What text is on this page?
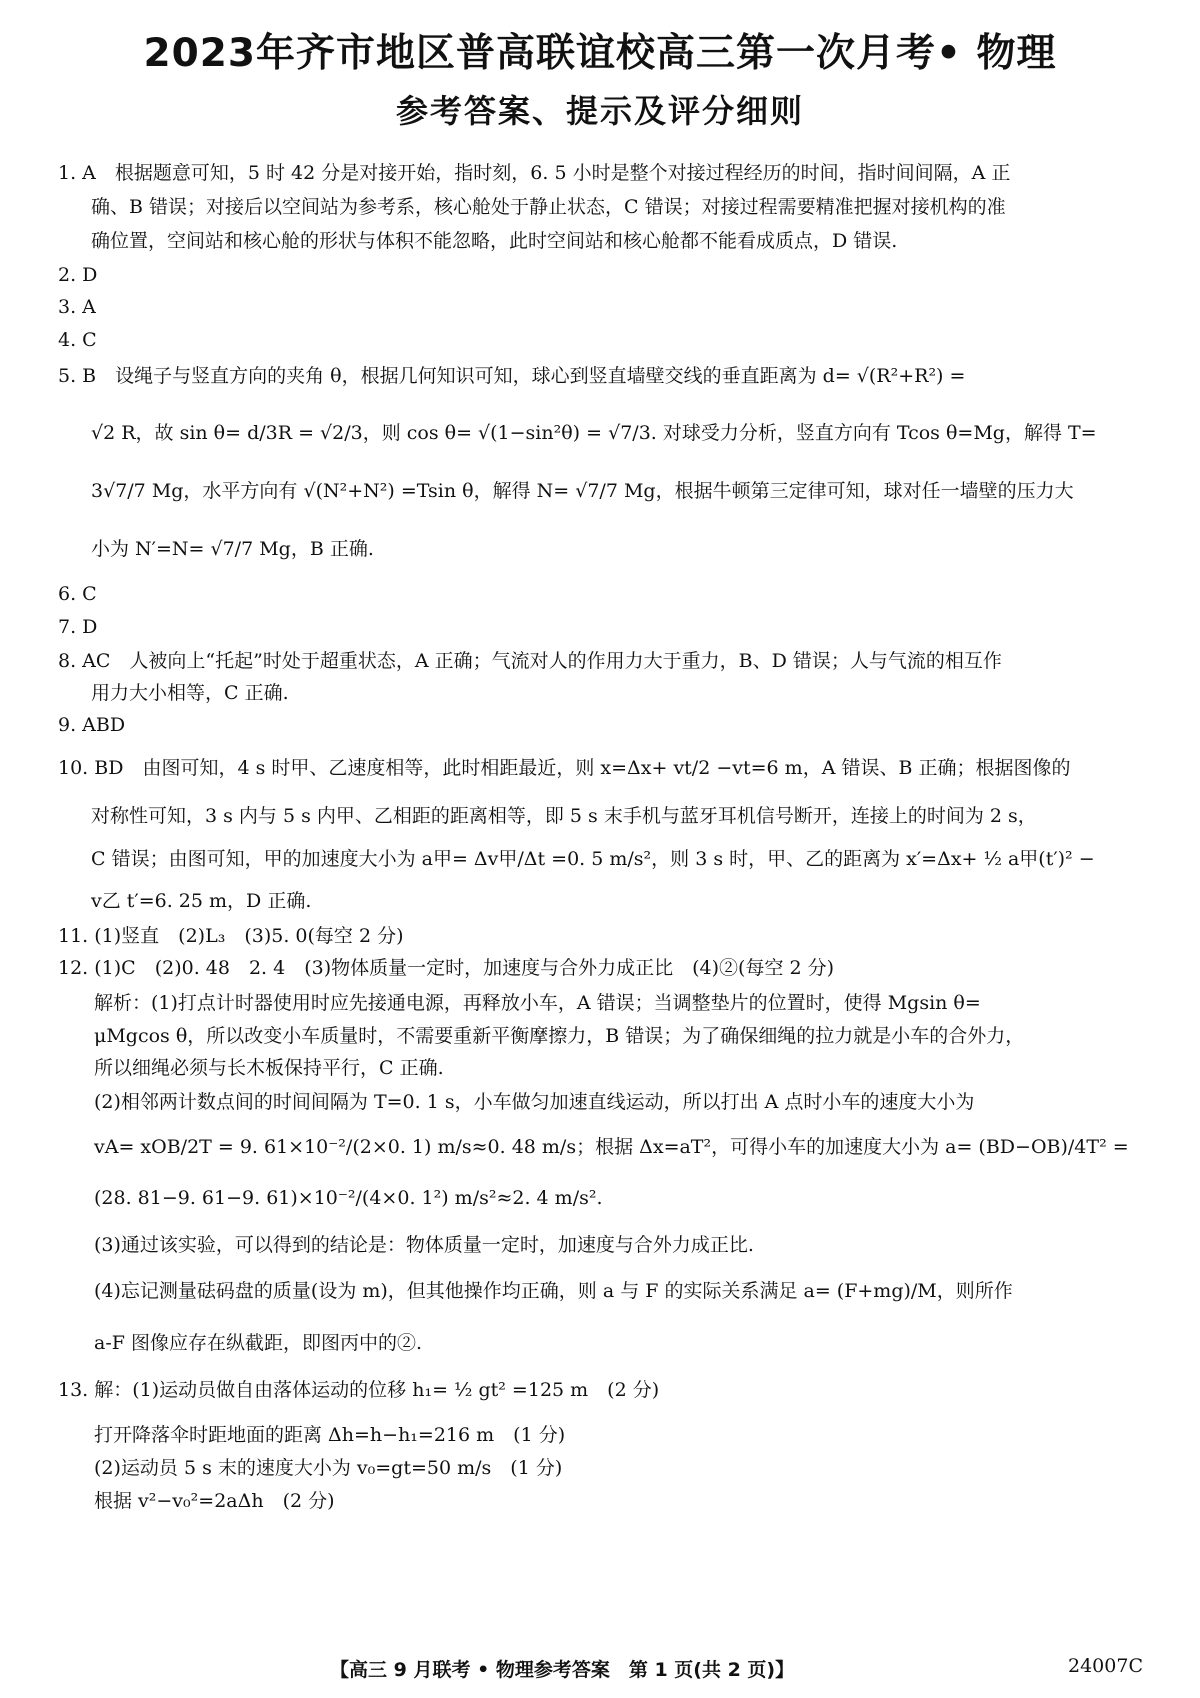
2023年齐市地区普高联谊校高三第一次月考• 物理
参考答案、提示及评分细则
1. A　根据题意可知，5 时 42 分是对接开始，指时刻，6. 5 小时是整个对接过程经历的时间，指时间间隔，A 正
确、B 错误；对接后以空间站为参考系，核心舱处于静止状态，C 错误；对接过程需要精准把握对接机构的准
确位置，空间站和核心舱的形状与体积不能忽略，此时空间站和核心舱都不能看成质点，D 错误.
2. D
3. A
4. C
5. B　设绳子与竖直方向的夹角 θ，根据几何知识可知，球心到竖直墙壁交线的垂直距离为 d= √(R²+R²) =
√2 R，故 sin θ= d/3R = √2/3，则 cos θ= √(1−sin²θ) = √7/3. 对球受力分析，竖直方向有 Tcos θ=Mg，解得 T=
3√7/7 Mg，水平方向有 √(N²+N²) =Tsin θ，解得 N= √7/7 Mg，根据牛顿第三定律可知，球对任一墙壁的压力大
小为 N′=N= √7/7 Mg，B 正确.
6. C
7. D
8. AC　人被向上“托起”时处于超重状态，A 正确；气流对人的作用力大于重力，B、D 错误；人与气流的相互作
用力大小相等，C 正确.
9. ABD
10. BD　由图可知，4 s 时甲、乙速度相等，此时相距最近，则 x=Δx+ vt/2 −vt=6 m，A 错误、B 正确；根据图像的
对称性可知，3 s 内与 5 s 内甲、乙相距的距离相等，即 5 s 末手机与蓝牙耳机信号断开，连接上的时间为 2 s，
C 错误；由图可知，甲的加速度大小为 a甲= Δv甲/Δt =0. 5 m/s²，则 3 s 时，甲、乙的距离为 x′=Δx+ ½ a甲(t′)² −
v乙 t′=6. 25 m，D 正确.
11. (1)竖直　(2)L₃　(3)5. 0(每空 2 分)
12. (1)C　(2)0. 48　2. 4　(3)物体质量一定时，加速度与合外力成正比　(4)②(每空 2 分)
解析：(1)打点计时器使用时应先接通电源，再释放小车，A 错误；当调整垫片的位置时，使得 Mgsin θ=
μMgcos θ，所以改变小车质量时，不需要重新平衡摩擦力，B 错误；为了确保细绳的拉力就是小车的合外力，
所以细绳必须与长木板保持平行，C 正确.
(2)相邻两计数点间的时间间隔为 T=0. 1 s，小车做匀加速直线运动，所以打出 A 点时小车的速度大小为
vA= xOB/2T = 9. 61×10⁻²/(2×0. 1) m/s≈0. 48 m/s；根据 Δx=aT²，可得小车的加速度大小为 a= (BD−OB)/4T² =
(28. 81−9. 61−9. 61)×10⁻²/(4×0. 1²) m/s²≈2. 4 m/s².
(3)通过该实验，可以得到的结论是：物体质量一定时，加速度与合外力成正比.
(4)忘记测量砝码盘的质量(设为 m)，但其他操作均正确，则 a 与 F 的实际关系满足 a= (F+mg)/M，则所作
a-F 图像应存在纵截距，即图丙中的②.
13. 解：(1)运动员做自由落体运动的位移 h₁= ½ gt² =125 m　(2 分)
打开降落伞时距地面的距离 Δh=h−h₁=216 m　(1 分)
(2)运动员 5 s 末的速度大小为 v₀=gt=50 m/s　(1 分)
根据 v²−v₀²=2aΔh　(2 分)
【高三 9 月联考 • 物理参考答案　第 1 页(共 2 页)】	24007C
